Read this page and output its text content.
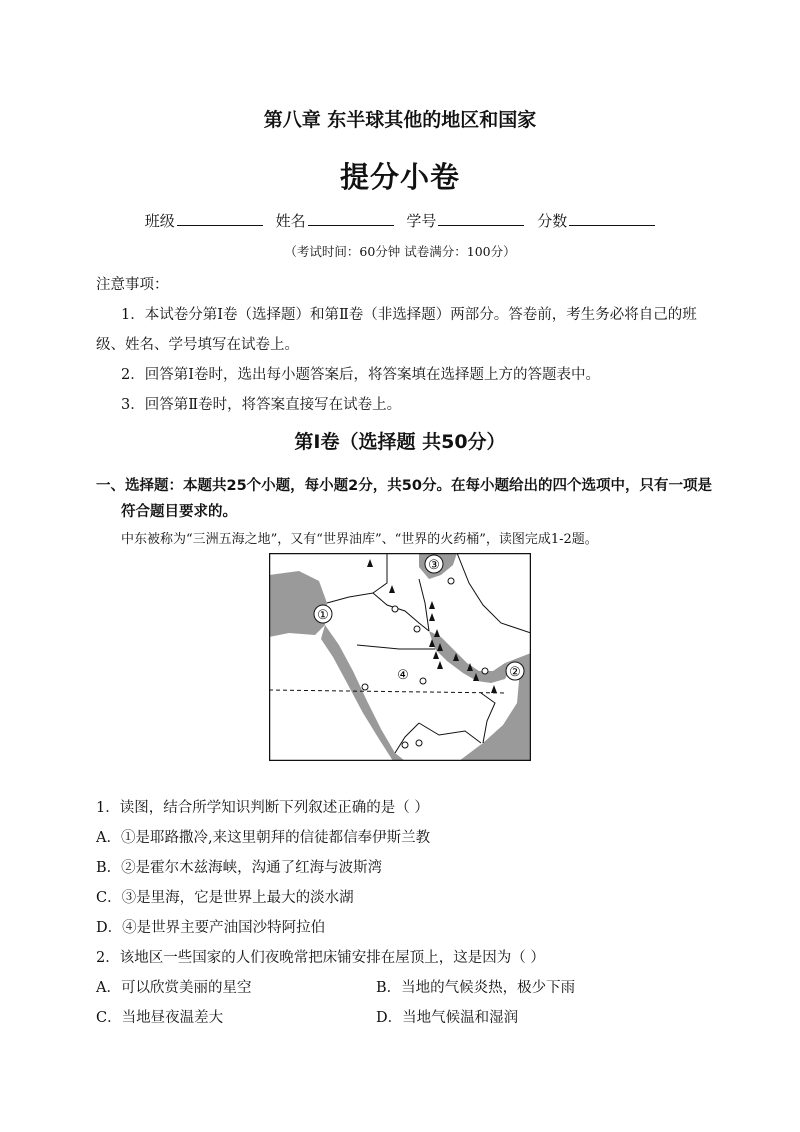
第八章 东半球其他的地区和国家
提分小卷
班级	姓名	学号	分数
（考试时间：60分钟 试卷满分：100分）
注意事项：
1．本试卷分第Ⅰ卷（选择题）和第Ⅱ卷（非选择题）两部分。答卷前，考生务必将自己的班
级、姓名、学号填写在试卷上。
2．回答第Ⅰ卷时，选出每小题答案后，将答案填在选择题上方的答题表中。
3．回答第Ⅱ卷时，将答案直接写在试卷上。
第Ⅰ卷（选择题 共50分）
一、选择题：本题共25个小题，每小题2分，共50分。在每小题给出的四个选项中，只有一项是
符合题目要求的。
中东被称为“三洲五海之地”，又有“世界油库”、“世界的火药桶”，读图完成1-2题。
①
②
③
④
1．读图，结合所学知识判断下列叙述正确的是（ ）
A．①是耶路撒冷,来这里朝拜的信徒都信奉伊斯兰教
B．②是霍尔木兹海峡，沟通了红海与波斯湾
C．③是里海，它是世界上最大的淡水湖
D．④是世界主要产油国沙特阿拉伯
2．该地区一些国家的人们夜晚常把床铺安排在屋顶上，这是因为（ ）
A．可以欣赏美丽的星空	B．当地的气候炎热，极少下雨
C．当地昼夜温差大	D．当地气候温和湿润
